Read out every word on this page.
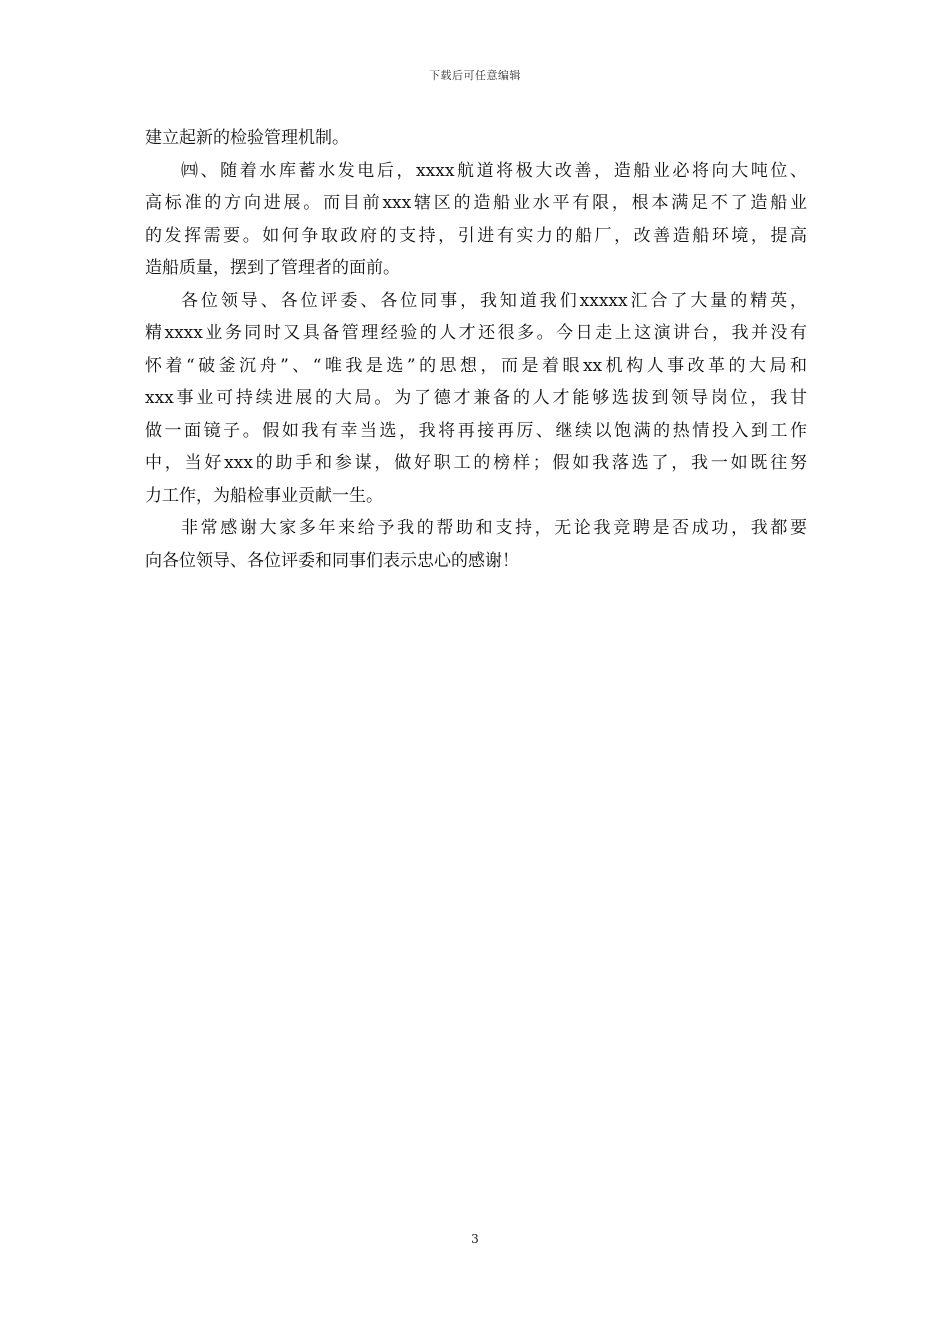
下载后可任意编辑
建立起新的检验管理机制。
㈣、随着水库蓄水发电后，xxxx航道将极大改善，造船业必将向大吨位、
高标准的方向进展。而目前xxx辖区的造船业水平有限，根本满足不了造船业
的发挥需要。如何争取政府的支持，引进有实力的船厂，改善造船环境，提高
造船质量，摆到了管理者的面前。
各位领导、各位评委、各位同事，我知道我们xxxxx汇合了大量的精英，
精xxxx业务同时又具备管理经验的人才还很多。今日走上这演讲台，我并没有
怀着“破釜沉舟”、“唯我是选”的思想，而是着眼xx机构人事改革的大局和
xxx事业可持续进展的大局。为了德才兼备的人才能够选拔到领导岗位，我甘
做一面镜子。假如我有幸当选，我将再接再厉、继续以饱满的热情投入到工作
中，当好xxx的助手和参谋，做好职工的榜样；假如我落选了，我一如既往努
力工作，为船检事业贡献一生。
非常感谢大家多年来给予我的帮助和支持，无论我竞聘是否成功，我都要
向各位领导、各位评委和同事们表示忠心的感谢！
3
